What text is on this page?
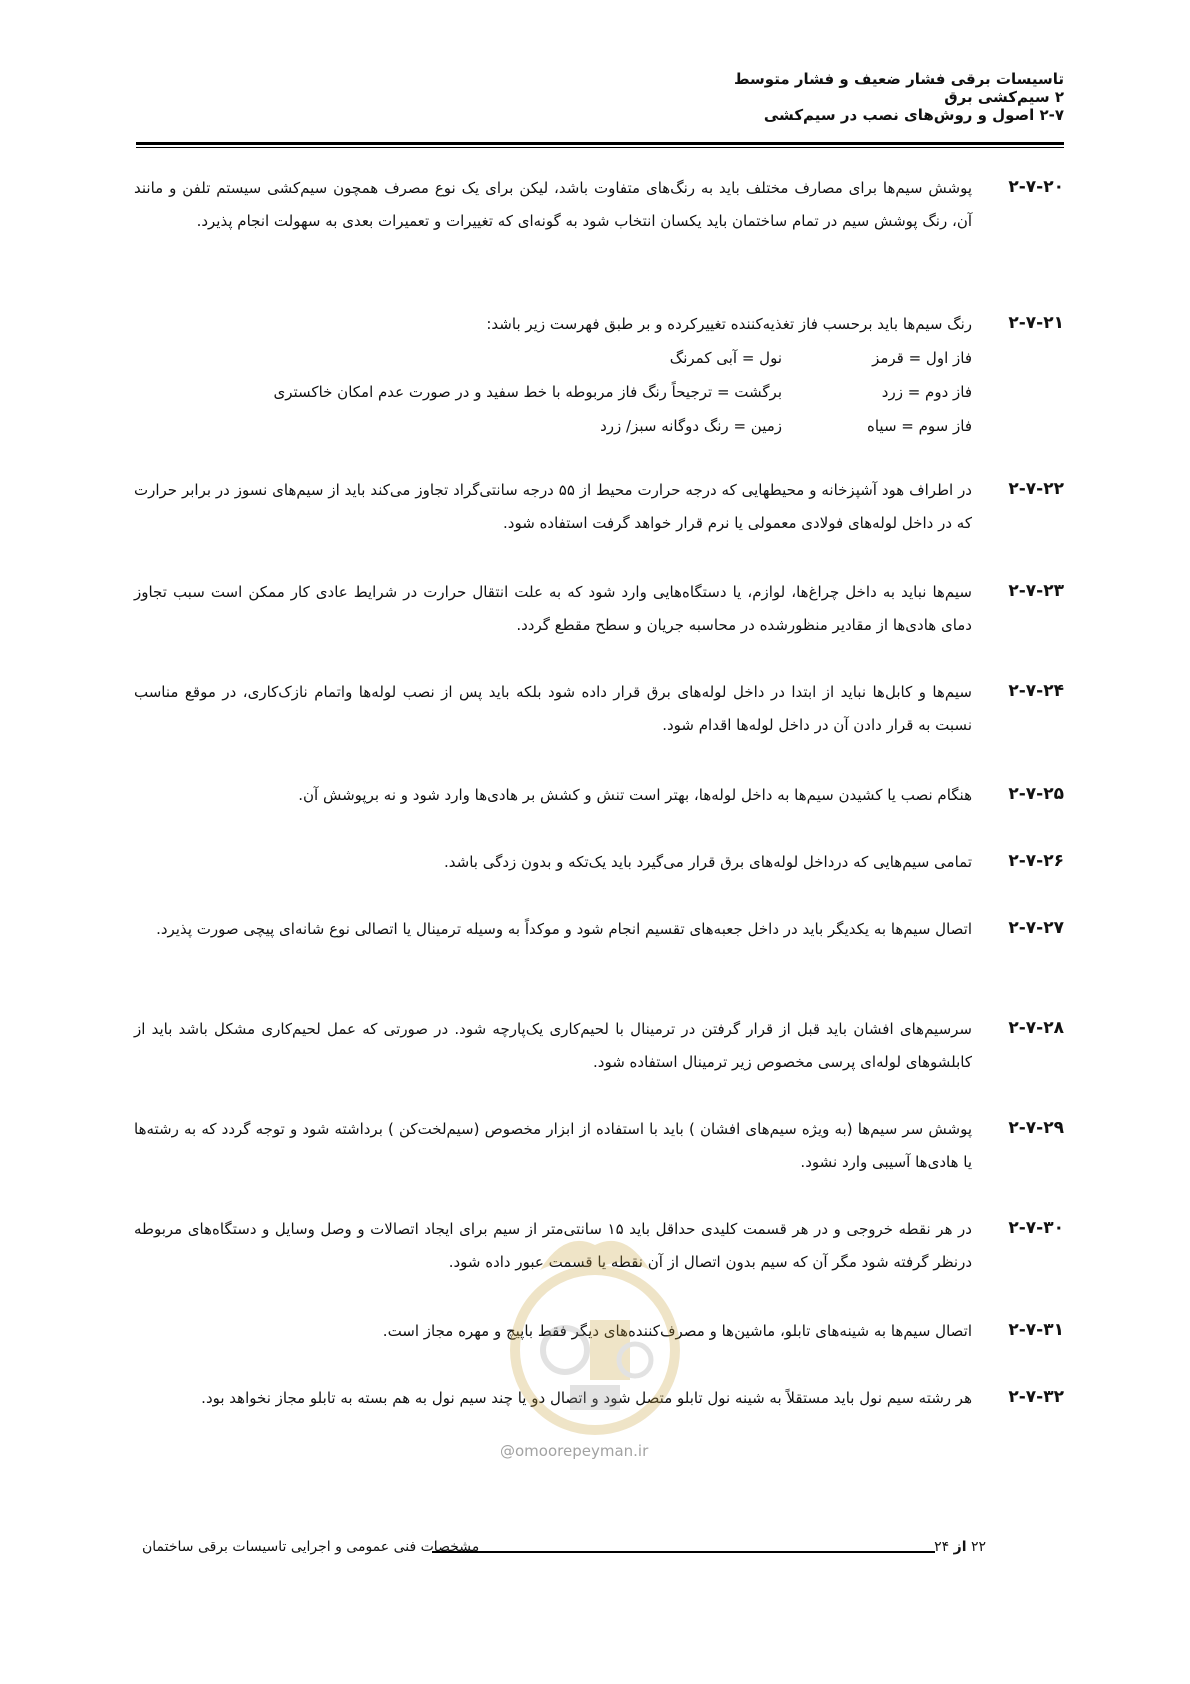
تاسیسات برقی فشار ضعیف و فشار متوسط
۲ سیم‌کشی برق
۲-۷ اصول و روش‌های نصب در سیم‌کشی
۲-۷-۲۰

پوشش سیم‌ها برای مصارف مختلف باید به رنگ‌های متفاوت باشد، لیکن برای یک نوع مصرف همچون سیم‌کشی سیستم تلفن و مانند آن، رنگ پوشش سیم در تمام ساختمان باید یکسان انتخاب شود به گونه‌ای که تغییرات و تعمیرات بعدی به سهولت انجام پذیرد.

۲-۷-۲۱

رنگ سیم‌ها باید برحسب فاز تغذیه‌کننده تغییرکرده و بر طبق فهرست زیر باشد:

فاز اول = قرمز
نول = آبی کمرنگ
فاز دوم = زرد
برگشت = ترجیحاً رنگ فاز مربوطه با خط سفید و در صورت عدم امکان خاکستری
فاز سوم = سیاه
زمین = رنگ دوگانه سبز/ زرد
۲-۷-۲۲

در اطراف هود آشپزخانه و محیطهایی که درجه حرارت محیط از ۵۵ درجه سانتی‌گراد تجاوز می‌کند باید از سیم‌های نسوز در برابر حرارت که در داخل لوله‌های فولادی معمولی یا نرم قرار خواهد گرفت استفاده شود.

۲-۷-۲۳

سیم‌ها نباید به داخل چراغ‌ها، لوازم، یا دستگاه‌هایی وارد شود که به علت انتقال حرارت در شرایط عادی کار ممکن است سبب تجاوز دمای هادی‌ها از مقادیر منظورشده در محاسبه جریان و سطح مقطع گردد.

۲-۷-۲۴

سیم‌ها و کابل‌ها نباید از ابتدا در داخل لوله‌های برق قرار داده شود بلکه باید پس از نصب لوله‌ها واتمام نازک‌کاری، در موقع مناسب نسبت به قرار دادن آن در داخل لوله‌ها اقدام شود.

۲-۷-۲۵

هنگام نصب یا کشیدن سیم‌ها به داخل لوله‌ها، بهتر است تنش و کشش بر هادی‌ها وارد شود و نه برپوشش آن.

۲-۷-۲۶

تمامی سیم‌هایی که درداخل لوله‌های برق قرار می‌گیرد باید یک‌تکه و بدون زدگی باشد.

۲-۷-۲۷

اتصال سیم‌ها به یکدیگر باید در داخل جعبه‌های تقسیم انجام شود و موکداً به وسیله ترمینال یا اتصالی نوع شانه‌ای پیچی صورت پذیرد.

۲-۷-۲۸

سرسیم‌های افشان باید قبل از قرار گرفتن در ترمینال با لحیم‌کاری یک‌پارچه شود. در صورتی که عمل لحیم‌کاری مشکل باشد باید از کابلشوهای لوله‌ای پرسی مخصوص زیر ترمینال استفاده شود.

۲-۷-۲۹

پوشش سر سیم‌ها (به ویژه سیم‌های افشان ) باید با استفاده از ابزار مخصوص (سیم‌لخت‌کن ) برداشته شود و توجه گردد که به رشته‌ها یا هادی‌ها آسیبی وارد نشود.

۲-۷-۳۰

در هر نقطه خروجی و در هر قسمت کلیدی حداقل باید ۱۵ سانتی‌متر از سیم برای ایجاد اتصالات و وصل وسایل و دستگاه‌های مربوطه درنظر گرفته شود مگر آن که سیم بدون اتصال از آن نقطه یا قسمت عبور داده شود.

۲-۷-۳۱

اتصال سیم‌ها به شینه‌های تابلو، ماشین‌ها و مصرف‌کننده‌های دیگر فقط باپیچ و مهره مجاز است.

۲-۷-۳۲

هر رشته سیم نول باید مستقلاً به شینه نول تابلو متصل شود و اتصال دو یا چند سیم نول به هم بسته به تابلو مجاز نخواهد بود.

@omoorepeyman.ir
مشخصات فنی عمومی و اجرایی تاسیسات برقی ساختمان	۲۲ از ۲۴
